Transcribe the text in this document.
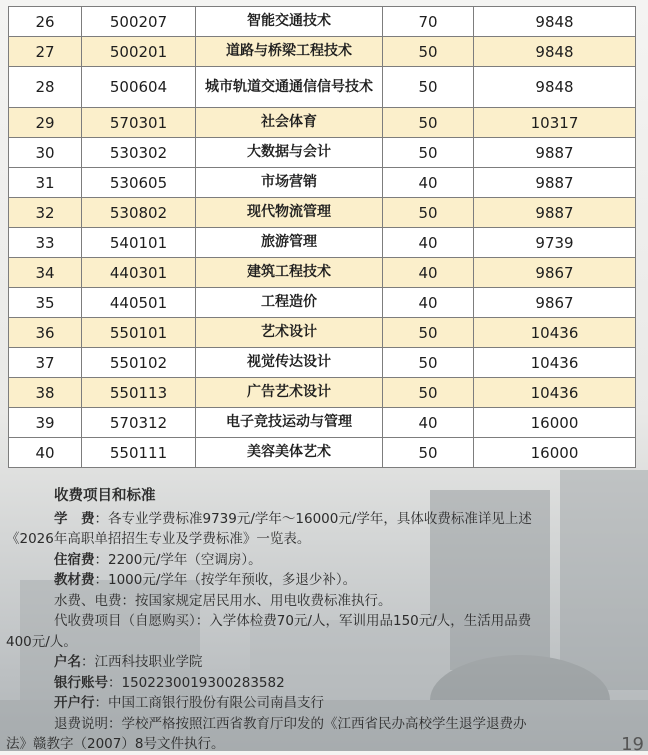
26	500207	智能交通技术	70	9848
27	500201	道路与桥梁工程技术	50	9848
28	500604	城市轨道交通通信信号技术	50	9848
29	570301	社会体育	50	10317
30	530302	大数据与会计	50	9887
31	530605	市场营销	40	9887
32	530802	现代物流管理	50	9887
33	540101	旅游管理	40	9739
34	440301	建筑工程技术	40	9867
35	440501	工程造价	40	9867
36	550101	艺术设计	50	10436
37	550102	视觉传达设计	50	10436
38	550113	广告艺术设计	50	10436
39	570312	电子竞技运动与管理	40	16000
40	550111	美容美体艺术	50	16000

收费项目和标准

学　费：各专业学费标准9739元/学年～16000元/学年，具体收费标准详见上述

《2026年高职单招招生专业及学费标准》一览表。

住宿费：2200元/学年（空调房）。

教材费：1000元/学年（按学年预收，多退少补）。

水费、电费：按国家规定居民用水、用电收费标准执行。

代收费项目（自愿购买）：入学体检费70元/人，军训用品150元/人，生活用品费

400元/人。

户名：江西科技职业学院

银行账号：1502230019300283582

开户行：中国工商银行股份有限公司南昌支行

退费说明：学校严格按照江西省教育厅印发的《江西省民办高校学生退学退费办

法》赣教字（2007）8号文件执行。	19
